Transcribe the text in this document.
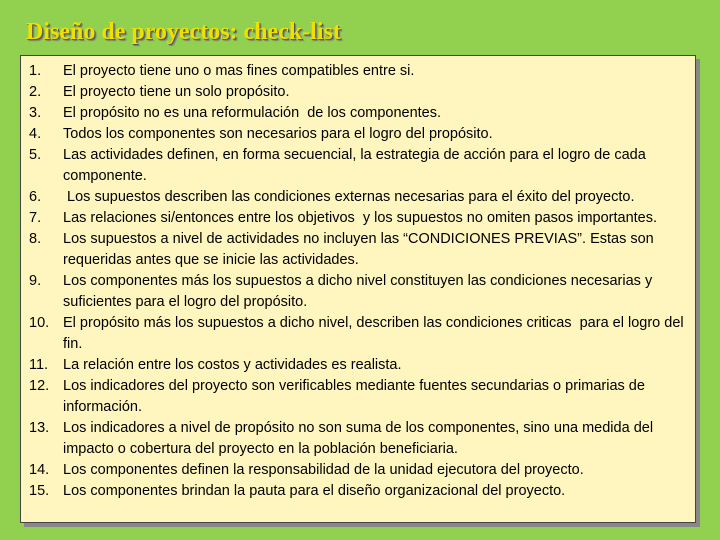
Diseño de proyectos: check-list
1.	El proyecto tiene uno o mas fines compatibles entre si.
2.	El proyecto tiene un solo propósito.
3.	El propósito no es una reformulación  de los componentes.
4.	Todos los componentes son necesarios para el logro del propósito.
5.	Las actividades definen, en forma secuencial, la estrategia de acción para el logro de cada componente.
6.	Los supuestos describen las condiciones externas necesarias para el éxito del proyecto.
7.	Las relaciones si/entonces entre los objetivos  y los supuestos no omiten pasos importantes.
8.	Los supuestos a nivel de actividades no incluyen las “CONDICIONES PREVIAS”. Estas son requeridas antes que se inicie las actividades.
9.	Los componentes más los supuestos a dicho nivel constituyen las condiciones necesarias y suficientes para el logro del propósito.
10. El propósito más los supuestos a dicho nivel, describen las condiciones criticas  para el logro del fin.
11.	La relación entre los costos y actividades es realista.
12. Los indicadores del proyecto son verificables mediante fuentes secundarias o primarias de información.
13. Los indicadores a nivel de propósito no son suma de los componentes, sino una medida del impacto o cobertura del proyecto en la población beneficiaria.
14. Los componentes definen la responsabilidad de la unidad ejecutora del proyecto.
15. Los componentes brindan la pauta para el diseño organizacional del proyecto.
